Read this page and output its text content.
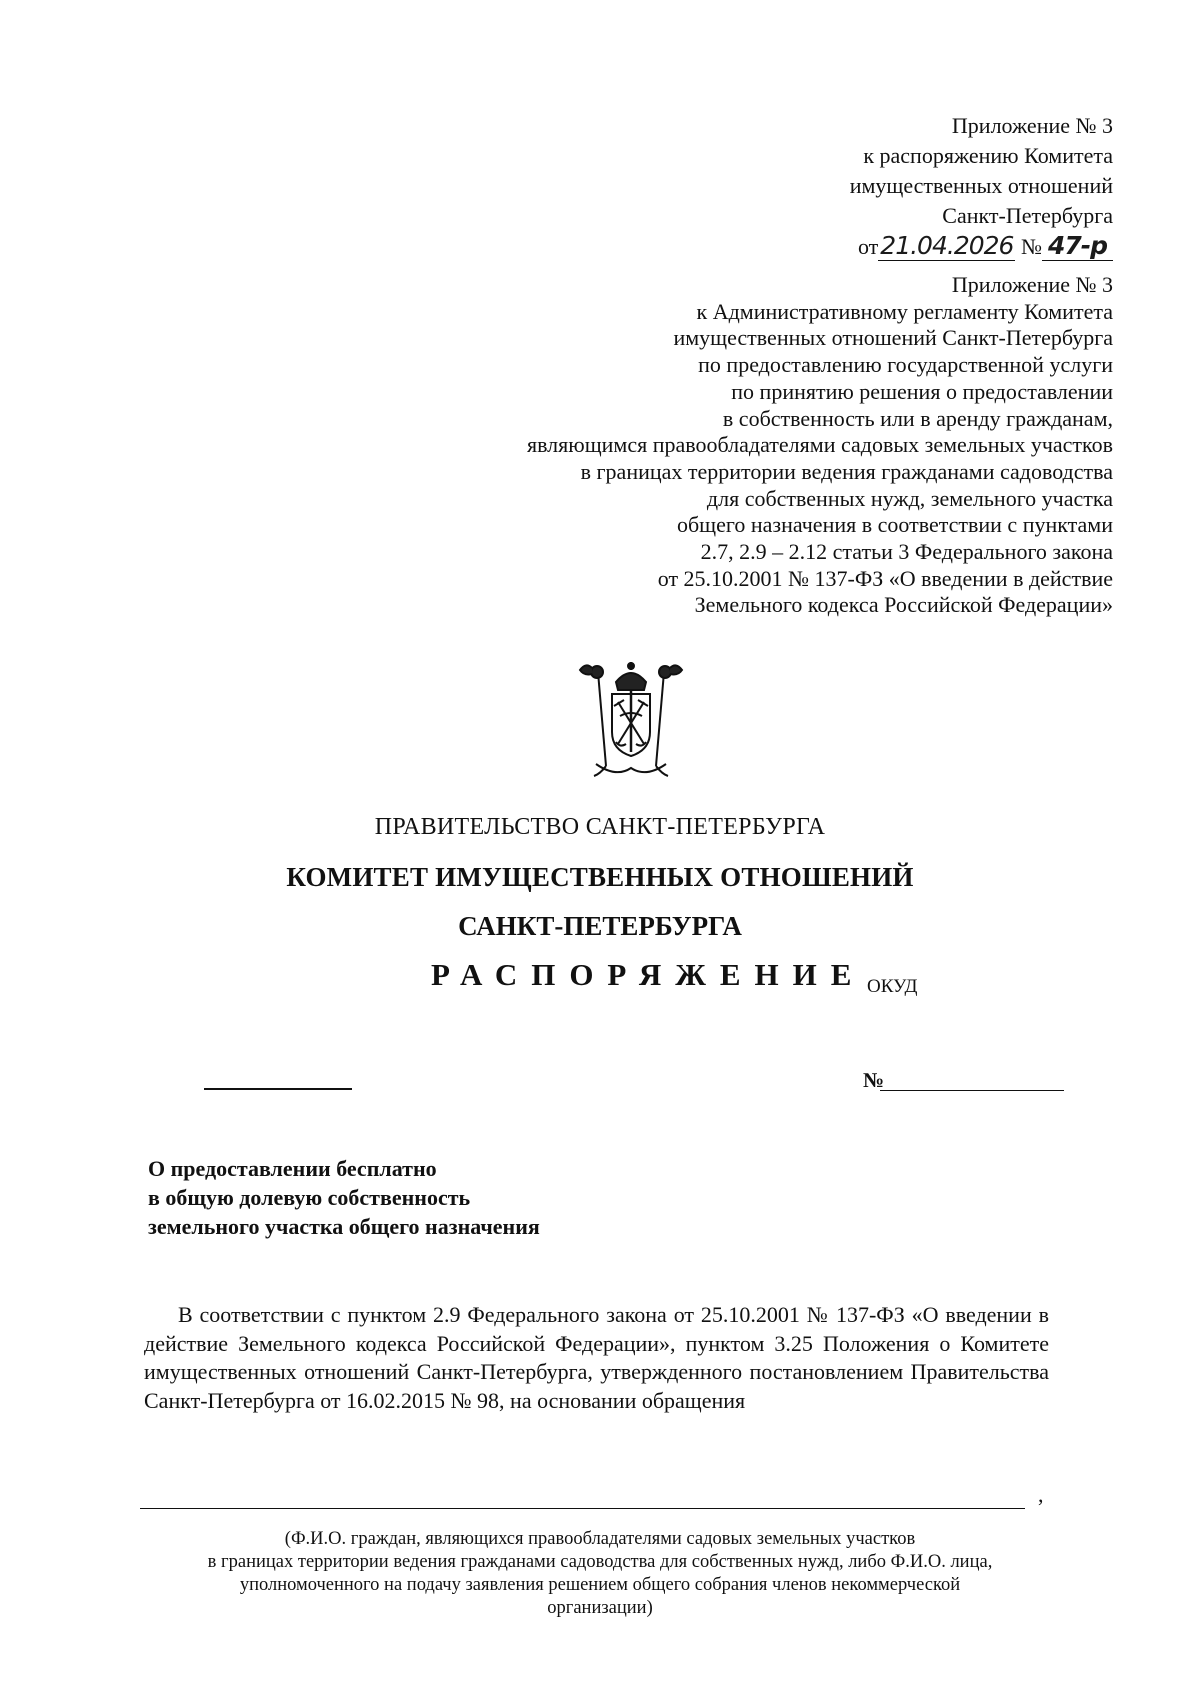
Приложение № 3
к распоряжению Комитета
имущественных отношений
Санкт-Петербурга
от21.04.2026 № 47-р
Приложение № 3
к Административному регламенту Комитета
имущественных отношений Санкт-Петербурга
по предоставлению государственной услуги
по принятию решения о предоставлении
в собственность или в аренду гражданам,
являющимся правообладателями садовых земельных участков
в границах территории ведения гражданами садоводства
для собственных нужд, земельного участка
общего назначения в соответствии с пунктами
2.7, 2.9 – 2.12 статьи 3 Федерального закона
от 25.10.2001 № 137-ФЗ «О введении в действие
Земельного кодекса Российской Федерации»
ПРАВИТЕЛЬСТВО САНКТ-ПЕТЕРБУРГА
КОМИТЕТ ИМУЩЕСТВЕННЫХ ОТНОШЕНИЙ
САНКТ-ПЕТЕРБУРГА
РАСПОРЯЖЕНИЕ ОКУД
№
О предоставлении бесплатно
в общую долевую собственность
земельного участка общего назначения
В соответствии с пунктом 2.9 Федерального закона от 25.10.2001 № 137-ФЗ «О введении в действие Земельного кодекса Российской Федерации», пунктом 3.25 Положения о Комитете имущественных отношений Санкт-Петербурга, утвержденного постановлением Правительства Санкт-Петербурга от 16.02.2015 № 98, на основании обращения
,
(Ф.И.О. граждан, являющихся правообладателями садовых земельных участков
в границах территории ведения гражданами садоводства для собственных нужд, либо Ф.И.О. лица,
уполномоченного на подачу заявления решением общего собрания членов некоммерческой
организации)
